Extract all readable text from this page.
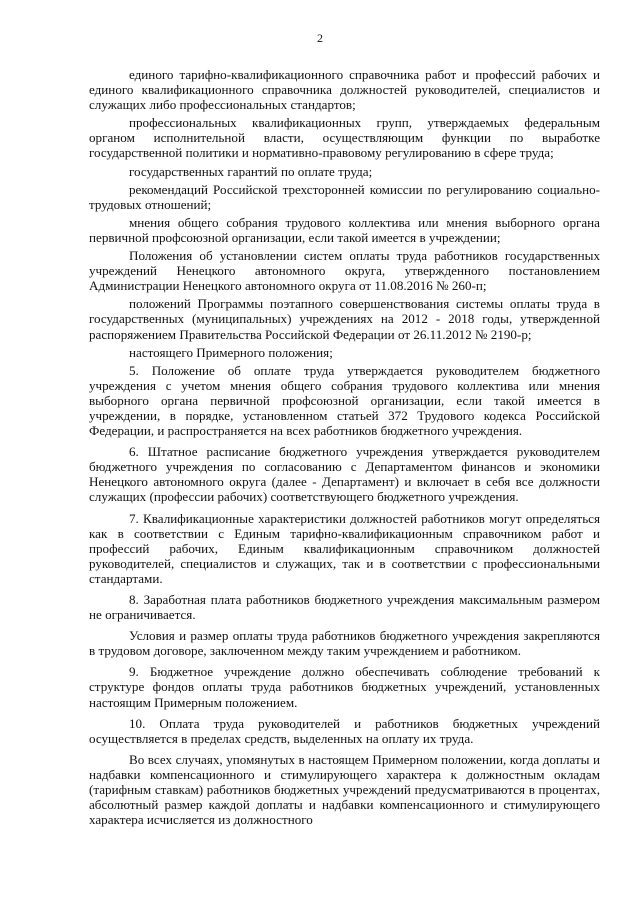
2

единого тарифно-квалификационного справочника работ и профессий рабочих и единого квалификационного справочника должностей руководителей, специалистов и служащих либо профессиональных стандартов;

профессиональных квалификационных групп, утверждаемых федеральным органом исполнительной власти, осуществляющим функции по выработке государственной политики и нормативно-правовому регулированию в сфере труда;

государственных гарантий по оплате труда;

рекомендаций Российской трехсторонней комиссии по регулированию социально-трудовых отношений;

мнения общего собрания трудового коллектива или мнения выборного органа первичной профсоюзной организации, если такой имеется в учреждении;

Положения об установлении систем оплаты труда работников государственных учреждений Ненецкого автономного округа, утвержденного постановлением Администрации Ненецкого автономного округа от 11.08.2016 № 260-п;

положений Программы поэтапного совершенствования системы оплаты труда в государственных (муниципальных) учреждениях на 2012 - 2018 годы, утвержденной распоряжением Правительства Российской Федерации от 26.11.2012 № 2190-р;

настоящего Примерного положения;

5. Положение об оплате труда утверждается руководителем бюджетного учреждения с учетом мнения общего собрания трудового коллектива или мнения выборного органа первичной профсоюзной организации, если такой имеется в учреждении, в порядке, установленном статьей 372 Трудового кодекса Российской Федерации, и распространяется на всех работников бюджетного учреждения.

6. Штатное расписание бюджетного учреждения утверждается руководителем бюджетного учреждения по согласованию с Департаментом финансов и экономики Ненецкого автономного округа (далее - Департамент) и включает в себя все должности служащих (профессии рабочих) соответствующего бюджетного учреждения.

7. Квалификационные характеристики должностей работников могут определяться как в соответствии с Единым тарифно-квалификационным справочником работ и профессий рабочих, Единым квалификационным справочником должностей руководителей, специалистов и служащих, так и в соответствии с профессиональными стандартами.

8. Заработная плата работников бюджетного учреждения максимальным размером не ограничивается.

Условия и размер оплаты труда работников бюджетного учреждения закрепляются в трудовом договоре, заключенном между таким учреждением и работником.

9. Бюджетное учреждение должно обеспечивать соблюдение требований к структуре фондов оплаты труда работников бюджетных учреждений, установленных настоящим Примерным положением.

10. Оплата труда руководителей и работников бюджетных учреждений осуществляется в пределах средств, выделенных на оплату их труда.

Во всех случаях, упомянутых в настоящем Примерном положении, когда доплаты и надбавки компенсационного и стимулирующего характера к должностным окладам (тарифным ставкам) работников бюджетных учреждений предусматриваются в процентах, абсолютный размер каждой доплаты и надбавки компенсационного и стимулирующего характера исчисляется из должностного
